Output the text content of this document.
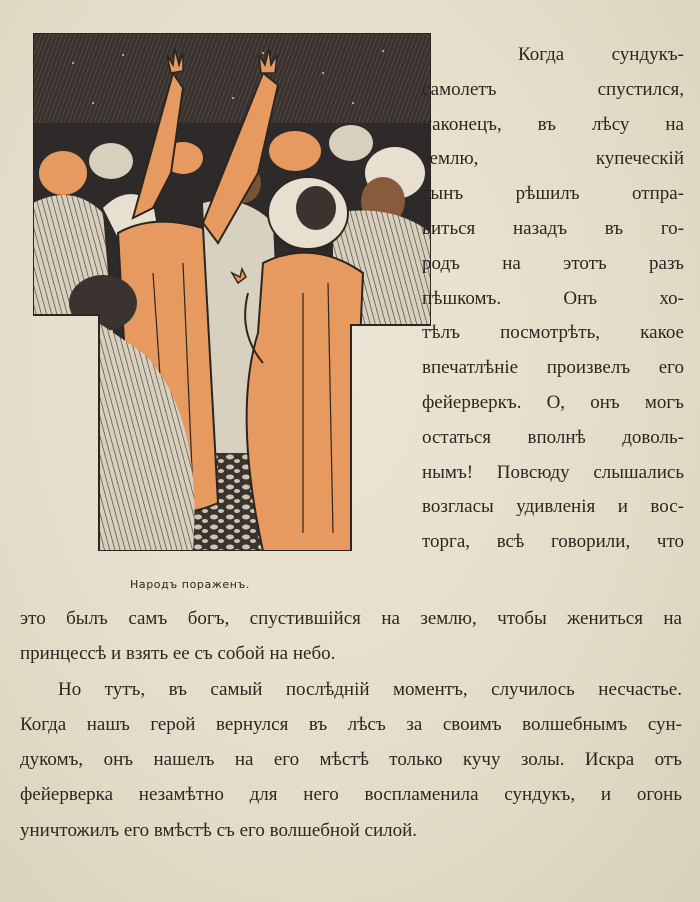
Народъ пораженъ.
Когда сундукъ-
самолетъ спустился,
наконецъ, въ лѣсу на
землю, купеческій
сынъ рѣшилъ отпра-
виться назадъ въ го-
родъ на этотъ разъ
пѣшкомъ. Онъ хо-
тѣлъ посмотрѣть, какое
впечатлѣніе произвелъ его
фейерверкъ. О, онъ могъ
остаться вполнѣ доволь-
нымъ! Повсюду слышались
возгласы удивленія и вос-
торга, всѣ говорили, что
это былъ самъ богъ, спустившійся на землю, чтобы жениться на
принцессѣ и взять ее съ собой на небо.
Но тутъ, въ самый послѣдній моментъ, случилось несчастье.
Когда нашъ герой вернулся въ лѣсъ за своимъ волшебнымъ сун-
дукомъ, онъ нашелъ на его мѣстѣ только кучу золы. Искра отъ
фейерверка незамѣтно для него воспламенила сундукъ, и огонь
уничтожилъ его вмѣстѣ съ его волшебной силой.
